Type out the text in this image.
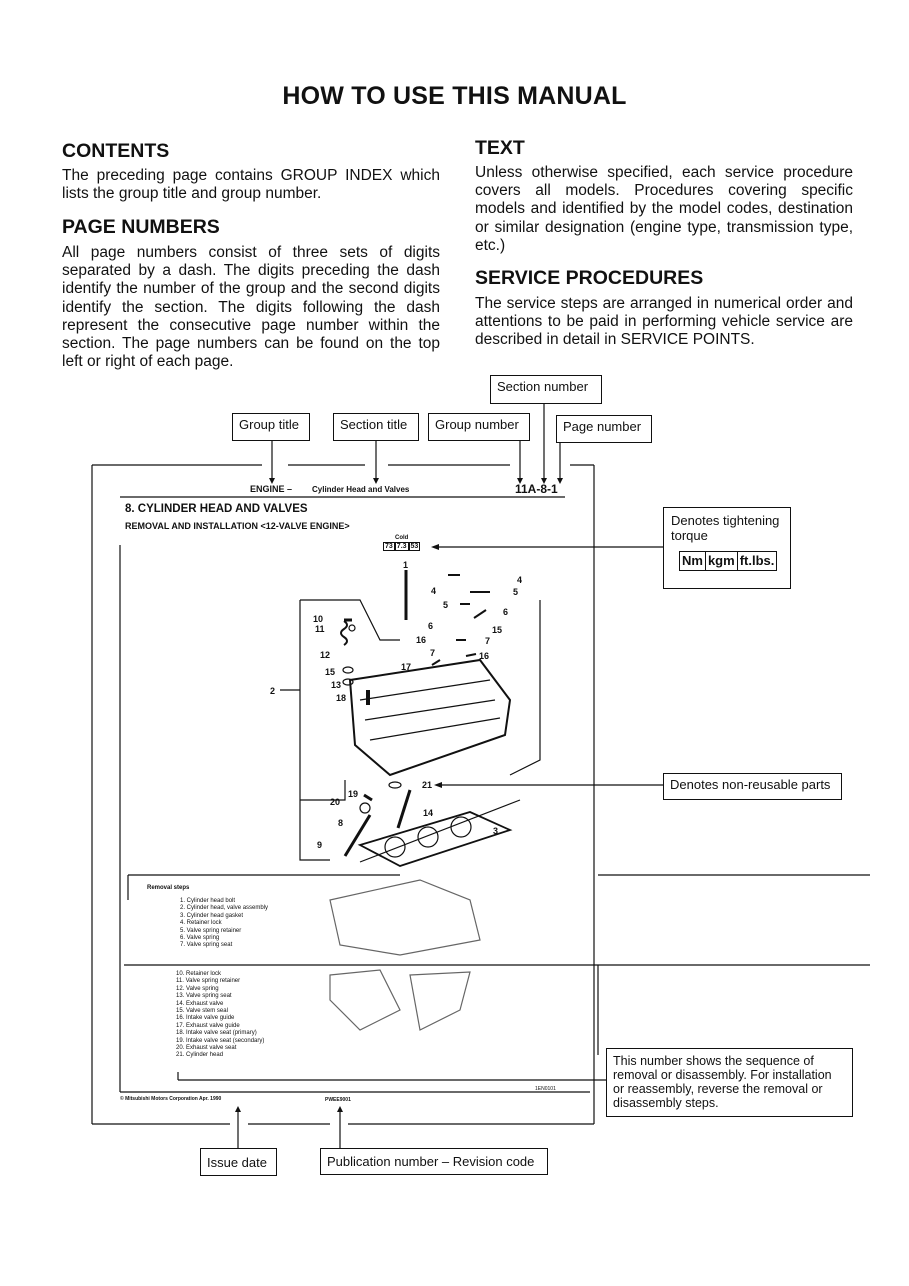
HOW TO USE THIS MANUAL

CONTENTS

The preceding page contains GROUP INDEX which lists the group title and group number.

PAGE NUMBERS

All page numbers consist of three sets of digits separated by a dash. The digits preceding the dash identify the number of the group and the second digits identify the section. The digits following the dash represent the consecutive page number within the section. The page numbers can be found on the top left or right of each page.

TEXT

Unless otherwise specified, each service procedure covers all models. Procedures covering specific models and identified by the model codes, destination or similar designation (engine type, transmission type, etc.)

SERVICE PROCEDURES

The service steps are arranged in numerical order and attentions to be paid in performing vehicle service are described in detail in SERVICE POINTS.

Section number
Group title	Section title	Group number	Page number
ENGINE – Cylinder Head and Valves	11A-8-1
8. CYLINDER HEAD AND VALVES
REMOVAL AND INSTALLATION <12-VALVE ENGINE>
Cold
73 7.3 53
1
2
3
4
4	5
5
6
6
7
7
8
9
10
11
12
13
14
15
15
16
16
17
18
19
20
21
Denotes tightening torque
Nm kgm ft.lbs.
Denotes non-reusable parts
Removal steps
1. Cylinder head bolt
2. Cylinder head, valve assembly
3. Cylinder head gasket
4. Retainer lock
5. Valve spring retainer
6. Valve spring
7. Valve spring seat
10. Retainer lock
11. Valve spring retainer
12. Valve spring
13. Valve spring seat
14. Exhaust valve
15. Valve stem seal
16. Intake valve guide
17. Exhaust valve guide
18. Intake valve seat (primary)
19. Intake valve seat (secondary)
20. Exhaust valve seat
21. Cylinder head
© Mitsubishi Motors Corporation Apr. 1990	PWEE9001
1EN0101
This number shows the sequence of removal or disassembly. For installation or reassembly, reverse the removal or disassembly steps.
Issue date	Publication number – Revision code
